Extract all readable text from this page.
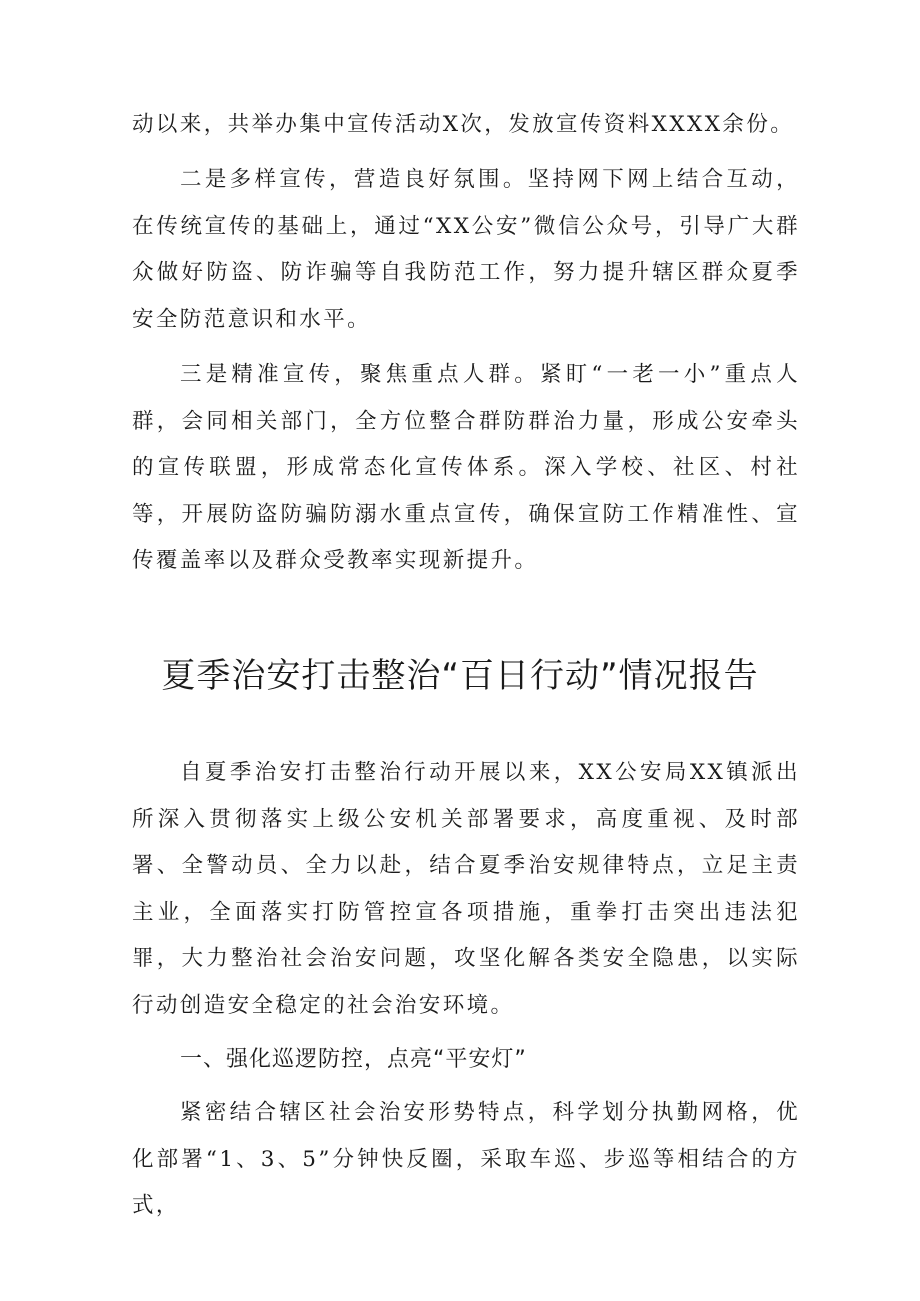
动以来，共举办集中宣传活动X次，发放宣传资料XXXX余份。

二是多样宣传，营造良好氛围。坚持网下网上结合互动，在传统宣传的基础上，通过“XX公安”微信公众号，引导广大群众做好防盗、防诈骗等自我防范工作，努力提升辖区群众夏季安全防范意识和水平。

三是精准宣传，聚焦重点人群。紧盯“一老一小”重点人群，会同相关部门，全方位整合群防群治力量，形成公安牵头的宣传联盟，形成常态化宣传体系。深入学校、社区、村社等，开展防盗防骗防溺水重点宣传，确保宣防工作精准性、宣传覆盖率以及群众受教率实现新提升。

夏季治安打击整治“百日行动”情况报告

自夏季治安打击整治行动开展以来，XX公安局XX镇派出所深入贯彻落实上级公安机关部署要求，高度重视、及时部署、全警动员、全力以赴，结合夏季治安规律特点，立足主责主业，全面落实打防管控宣各项措施，重拳打击突出违法犯罪，大力整治社会治安问题，攻坚化解各类安全隐患，以实际行动创造安全稳定的社会治安环境。

一、强化巡逻防控，点亮“平安灯”

紧密结合辖区社会治安形势特点，科学划分执勤网格，优化部署“1、3、5”分钟快反圈，采取车巡、步巡等相结合的方式，
